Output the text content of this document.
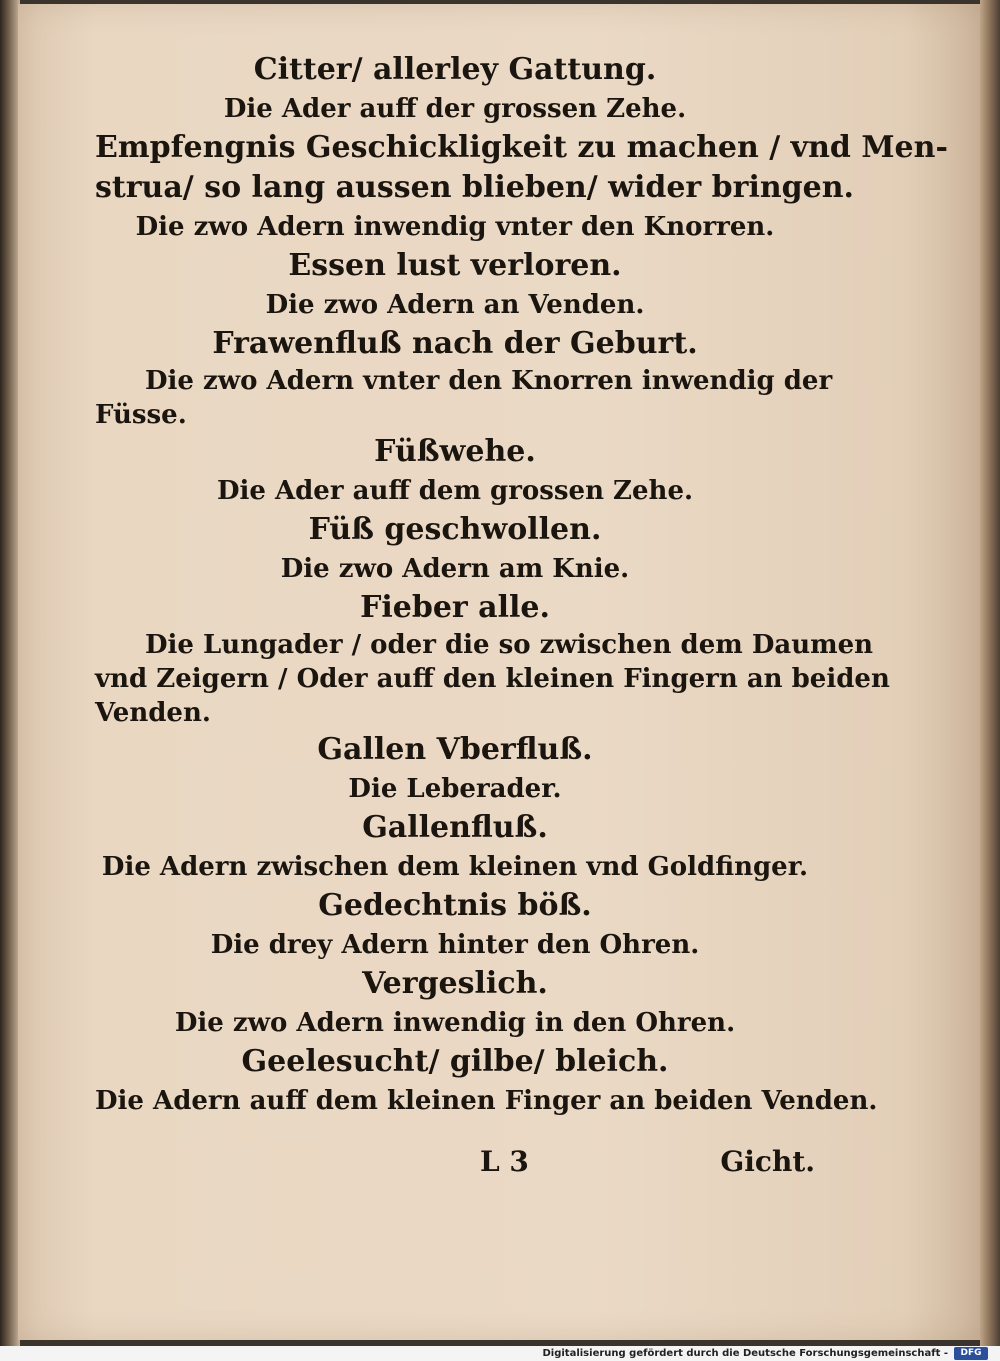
Citter/ allerley Gattung.
Die Ader auff der grossen Zehe.
Empfengnis Geschickligkeit zu machen / vnd Men-
strua/ so lang aussen blieben/ wider bringen.
Die zwo Adern inwendig vnter den Knorren.
Essen lust verloren.
Die zwo Adern an Venden.
Frawenfluß nach der Geburt.
Die zwo Adern vnter den Knorren inwendig der
Füsse.
Füßwehe.
Die Ader auff dem grossen Zehe.
Füß geschwollen.
Die zwo Adern am Knie.
Fieber alle.
Die Lungader / oder die so zwischen dem Daumen
vnd Zeigern / Oder auff den kleinen Fingern an beiden
Venden.
Gallen Vberfluß.
Die Leberader.
Gallenfluß.
Die Adern zwischen dem kleinen vnd Goldfinger.
Gedechtnis böß.
Die drey Adern hinter den Ohren.
Vergeslich.
Die zwo Adern inwendig in den Ohren.
Geelesucht/ gilbe/ bleich.
Die Adern auff dem kleinen Finger an beiden Venden.
L 3	Gicht.
Digitalisierung gefördert durch die Deutsche Forschungsgemeinschaft -	DFG
